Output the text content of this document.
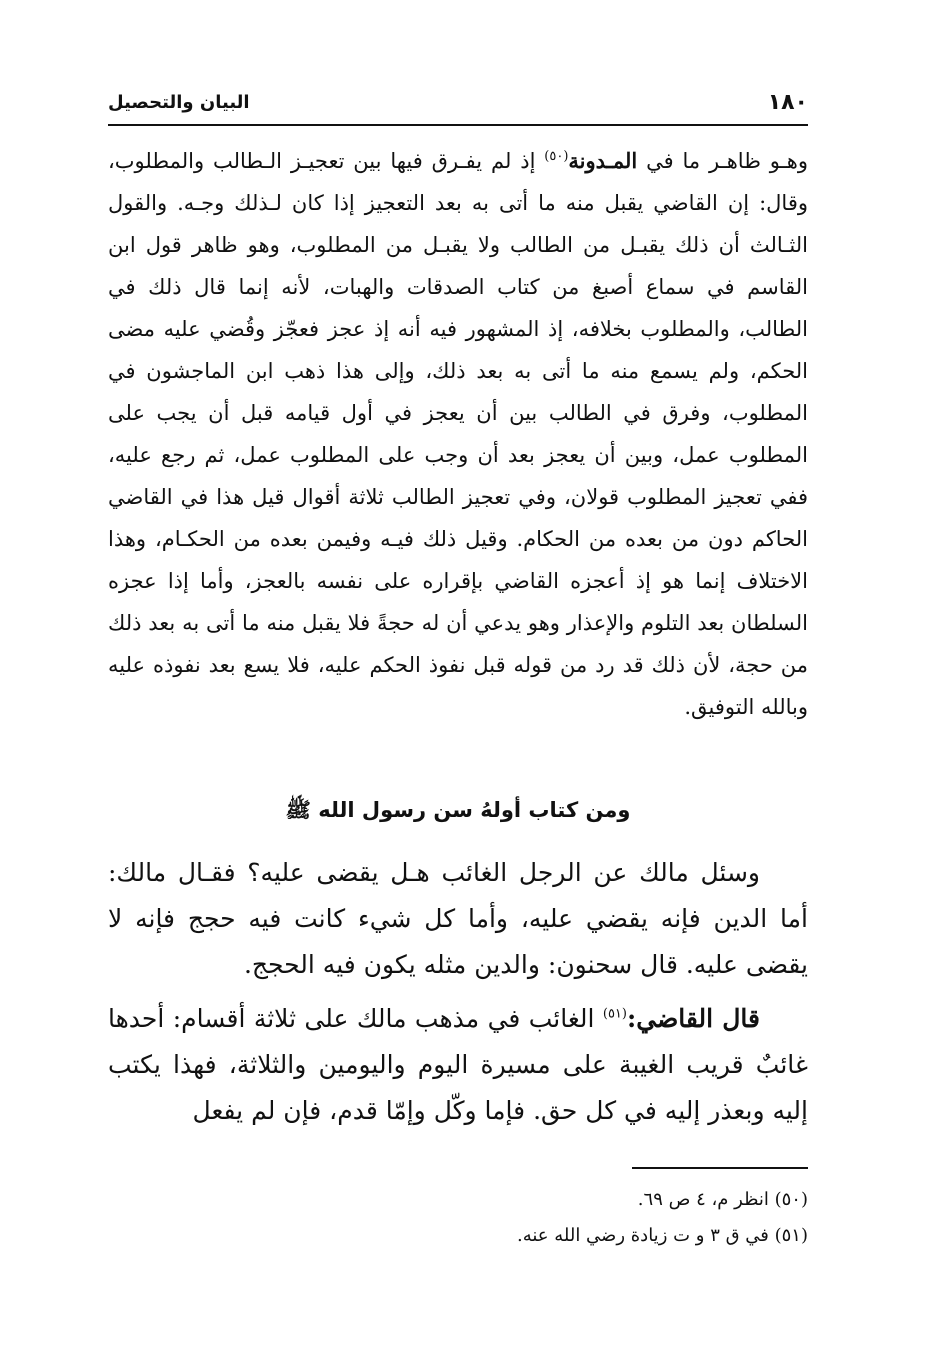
١٨٠
البيان والتحصيل

وهـو ظاهـر ما في المـدونة$^{(٥٠)}$ إذ لم يفـرق فيها بين تعجيـز الـطالب والمطلوب، وقال: إن القاضي يقبل منه ما أتى به بعد التعجيز إذا كان لـذلك وجـه. والقول الثـالث أن ذلك يقبـل من الطالب ولا يقبـل من المطلوب، وهو ظاهر قول ابن القاسم في سماع أصبغ من كتاب الصدقات والهبات، لأنه إنما قال ذلك في الطالب، والمطلوب بخلافه، إذ المشهور فيه أنه إذ عجز فعجّز وقُضي عليه مضى الحكم، ولم يسمع منه ما أتى به بعد ذلك، وإلى هذا ذهب ابن الماجشون في المطلوب، وفرق في الطالب بين أن يعجز في أول قيامه قبل أن يجب على المطلوب عمل، وبين أن يعجز بعد أن وجب على المطلوب عمل، ثم رجع عليه، ففي تعجيز المطلوب قولان، وفي تعجيز الطالب ثلاثة أقوال قيل هذا في القاضي الحاكم دون من بعده من الحكام. وقيل ذلك فيـه وفيمن بعده من الحكـام، وهذا الاختلاف إنما هو إذ أعجزه القاضي بإقراره على نفسه بالعجز، وأما إذا عجزه السلطان بعد التلوم والإعذار وهو يدعي أن له حجةً فلا يقبل منه ما أتى به بعد ذلك من حجة، لأن ذلك قد رد من قوله قبل نفوذ الحكم عليه، فلا يسع بعد نفوذه عليه وبالله التوفيق.

ومن كتاب أولهُ سن رسول الله ﷺ

وسئل مالك عن الرجل الغائب هـل يقضى عليه؟ فقـال مالك: أما الدين فإنه يقضي عليه، وأما كل شيء كانت فيه حجج فإنه لا يقضى عليه. قال سحنون: والدين مثله يكون فيه الحجج.

قال القاضي:$^{(٥١)}$ الغائب في مذهب مالك على ثلاثة أقسام: أحدها غائبٌ قريب الغيبة على مسيرة اليوم واليومين والثلاثة، فهذا يكتب إليه وبعذر إليه في كل حق. فإما وكّل وإمّا قدم، فإن لم يفعل

(٥٠) انظر م، ٤ ص ٦٩.

(٥١) في ق ٣ و ت زيادة رضي الله عنه.
